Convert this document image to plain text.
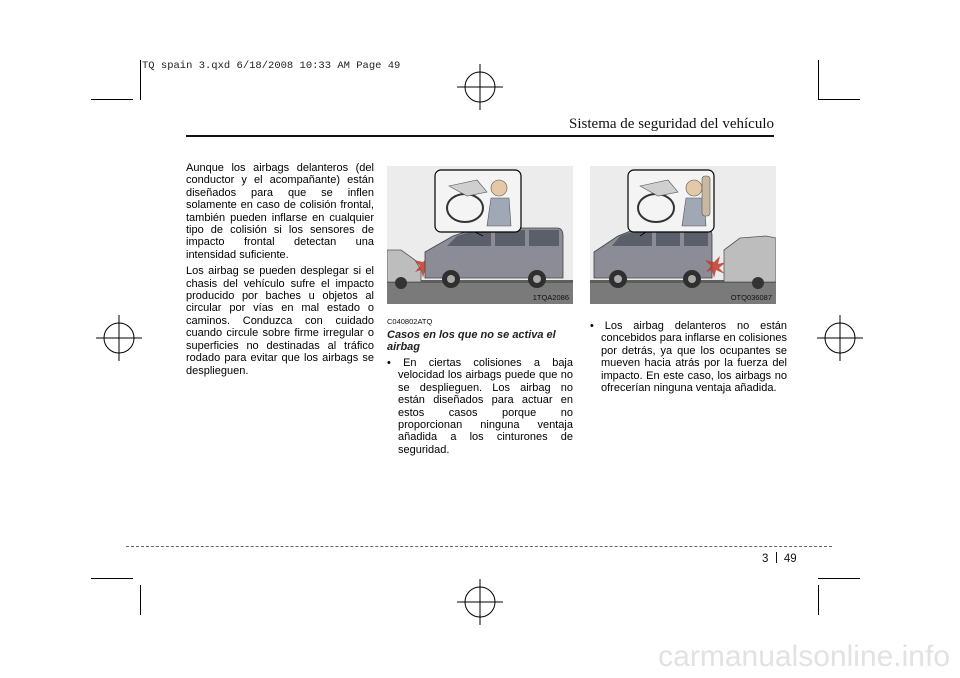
TQ spain 3.qxd 6/18/2008 10:33 AM Page 49
Sistema de seguridad del vehículo

Aunque los airbags delanteros (del conductor y el acompañante) están diseñados para que se inflen solamente en caso de colisión frontal, también pueden inflarse en cualquier tipo de colisión si los sensores de impacto frontal detectan una intensidad suficiente.

Los airbag se pueden desplegar si el chasis del vehículo sufre el impacto producido por baches u objetos al circular por vías en mal estado o caminos. Conduzca con cuidado cuando circule sobre firme irregular o superficies no destinadas al tráfico rodado para evitar que los airbags se desplieguen.

1TQA2086	OTQ036087
C040802ATQ
Casos en los que no se activa el airbag
• En ciertas colisiones a baja velocidad los airbags puede que no se desplieguen. Los airbag no están diseñados para actuar en estos casos porque no proporcionan ninguna ventaja añadida a los cinturones de seguridad.
• Los airbag delanteros no están concebidos para inflarse en colisiones por detrás, ya que los ocupantes se mueven hacia atrás por la fuerza del impacto. En este caso, los airbags no ofrecerían ninguna ventaja añadida.
3 49
carmanualsonline.info
